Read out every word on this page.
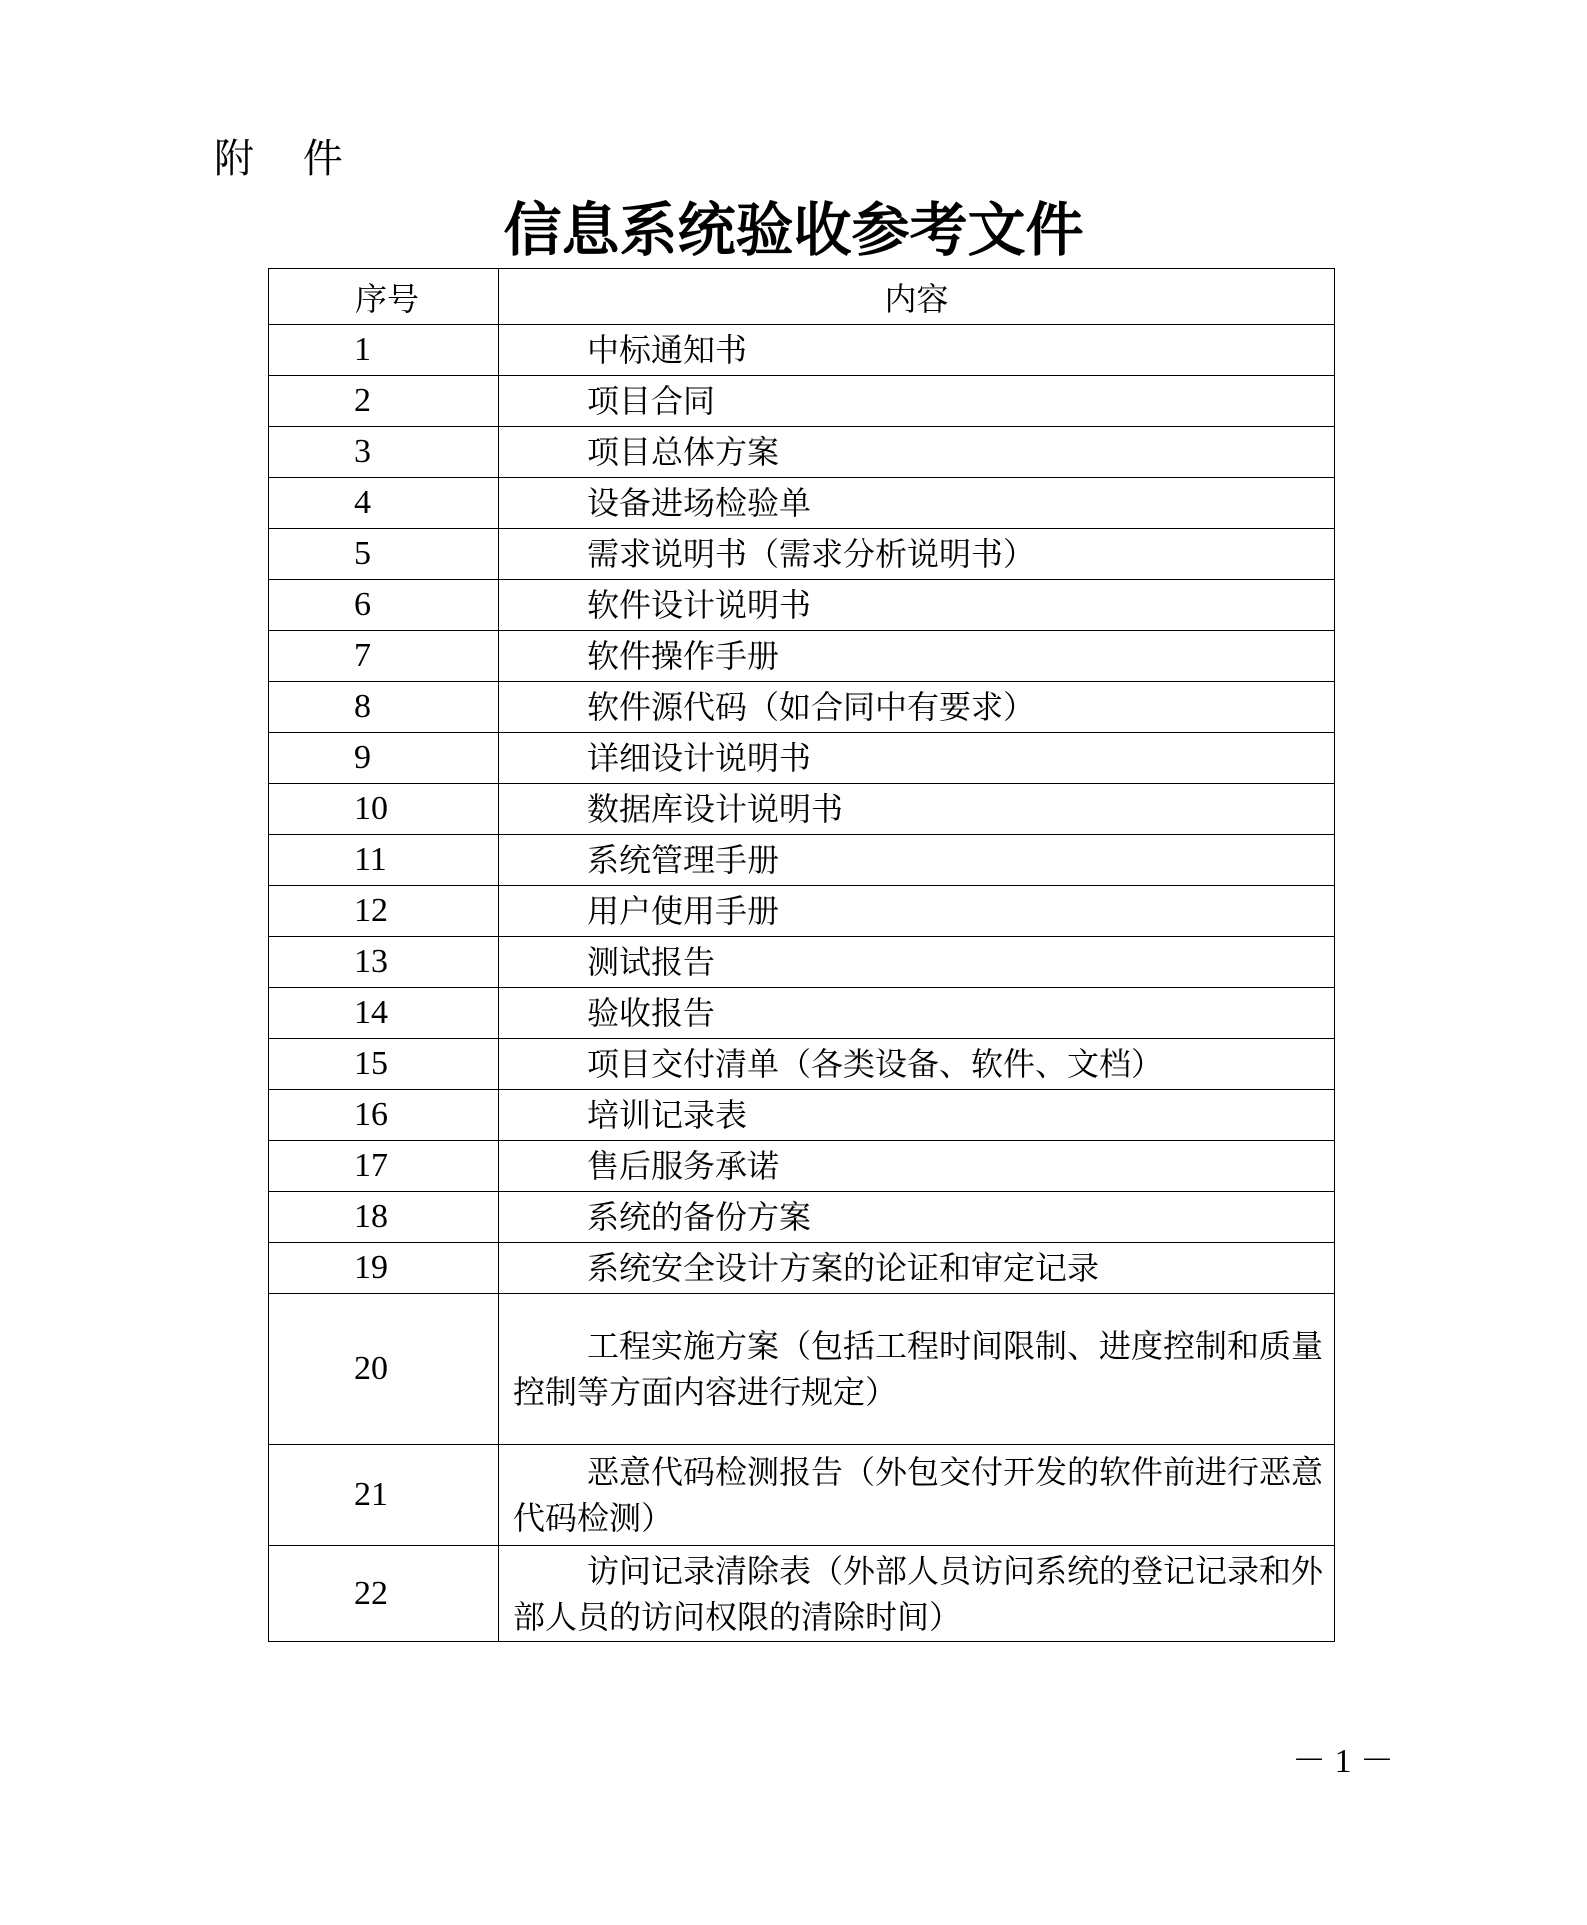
附 件
信息系统验收参考文件
序号	内容
1	中标通知书
2	项目合同
3	项目总体方案
4	设备进场检验单
5	需求说明书（需求分析说明书）
6	软件设计说明书
7	软件操作手册
8	软件源代码（如合同中有要求）
9	详细设计说明书
10	数据库设计说明书
11	系统管理手册
12	用户使用手册
13	测试报告
14	验收报告
15	项目交付清单（各类设备、软件、文档）
16	培训记录表
17	售后服务承诺
18	系统的备份方案
19	系统安全设计方案的论证和审定记录
20	工程实施方案（包括工程时间限制、进度控制和质量控制等方面内容进行规定）
21	恶意代码检测报告（外包交付开发的软件前进行恶意代码检测）
22	访问记录清除表（外部人员访问系统的登记记录和外部人员的访问权限的清除时间）
－ 1 －
